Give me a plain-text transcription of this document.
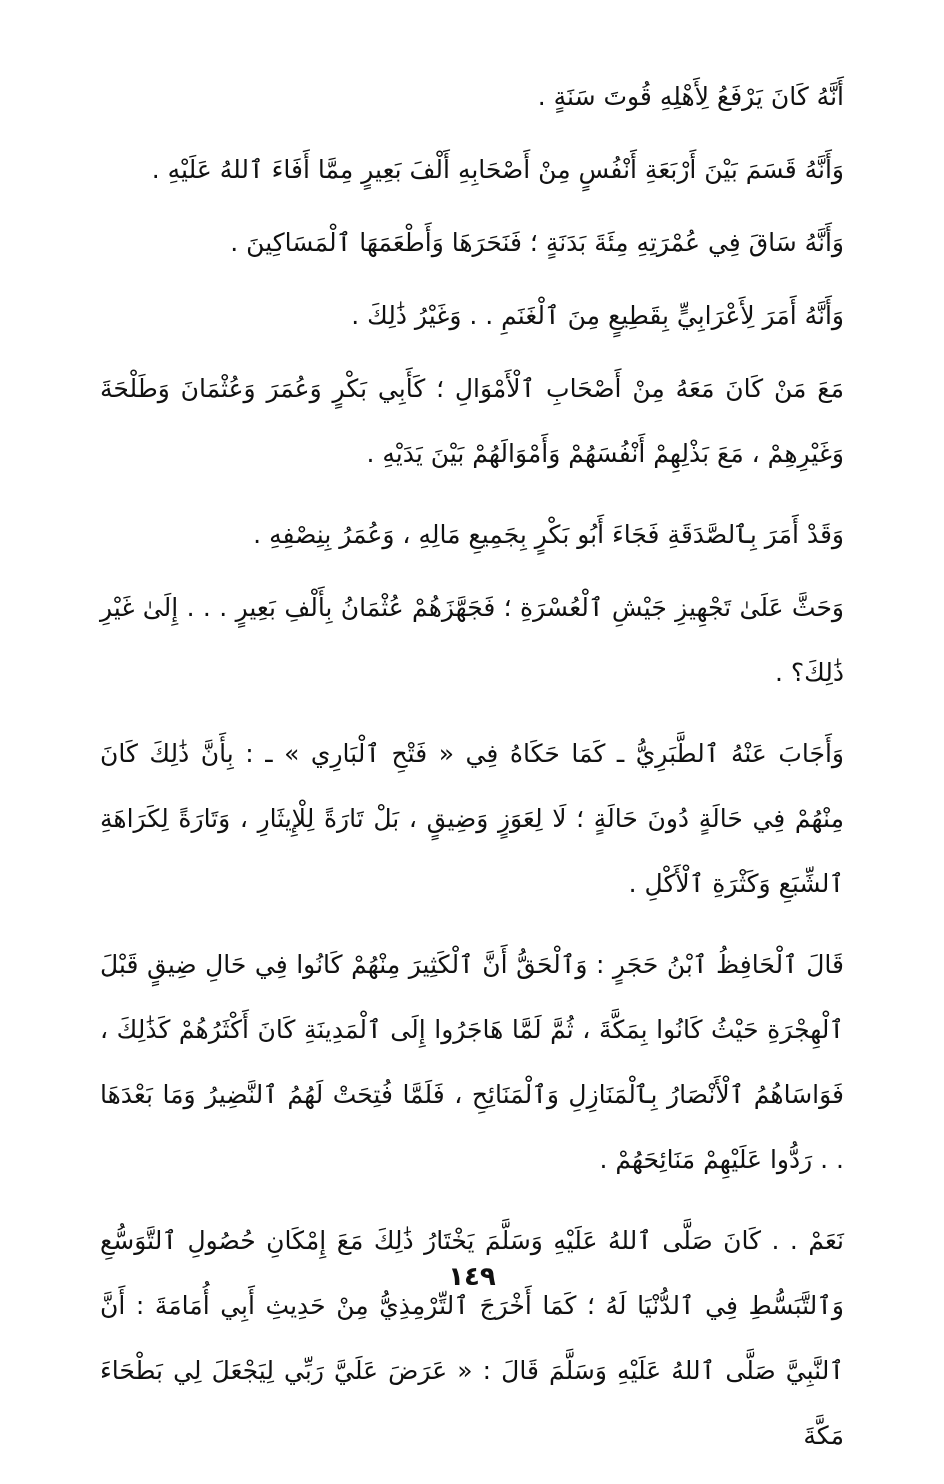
أَنَّهُ كَانَ يَرْفَعُ لِأَهْلِهِ قُوتَ سَنَةٍ .

وَأَنَّهُ قَسَمَ بَيْنَ أَرْبَعَةِ أَنْفُسٍ مِنْ أَصْحَابِهِ أَلْفَ بَعِيرٍ مِمَّا أَفَاءَ ٱللهُ عَلَيْهِ .

وَأَنَّهُ سَاقَ فِي عُمْرَتِهِ مِئَةَ بَدَنَةٍ ؛ فَنَحَرَهَا وَأَطْعَمَهَا ٱلْمَسَاكِينَ .

وَأَنَّهُ أَمَرَ لِأَعْرَابِيٍّ بِقَطِيعٍ مِنَ ٱلْغَنَمِ . . وَغَيْرُ ذَٰلِكَ .

مَعَ مَنْ كَانَ مَعَهُ مِنْ أَصْحَابِ ٱلْأَمْوَالِ ؛ كَأَبِي بَكْرٍ وَعُمَرَ وَعُثْمَانَ وَطَلْحَةَ وَغَيْرِهِمْ ، مَعَ بَذْلِهِمْ أَنْفُسَهُمْ وَأَمْوَالَهُمْ بَيْنَ يَدَيْهِ .

وَقَدْ أَمَرَ بِٱلصَّدَقَةِ فَجَاءَ أَبُو بَكْرٍ بِجَمِيعِ مَالِهِ ، وَعُمَرُ بِنِصْفِهِ .

وَحَثَّ عَلَىٰ تَجْهِيزِ جَيْشِ ٱلْعُسْرَةِ ؛ فَجَهَّزَهُمْ عُثْمَانُ بِأَلْفِ بَعِيرٍ . . . إِلَىٰ غَيْرِ ذَٰلِكَ؟ .

وَأَجَابَ عَنْهُ ٱلطَّبَرِيُّ ـ كَمَا حَكَاهُ فِي « فَتْحِ ٱلْبَارِي » ـ : بِأَنَّ ذَٰلِكَ كَانَ مِنْهُمْ فِي حَالَةٍ دُونَ حَالَةٍ ؛ لَا لِعَوَزٍ وَضِيقٍ ، بَلْ تَارَةً لِلْإِيثَارِ ، وَتَارَةً لِكَرَاهَةِ ٱلشِّبَعِ وَكَثْرَةِ ٱلْأَكْلِ .

قَالَ ٱلْحَافِظُ ٱبْنُ حَجَرٍ : وَٱلْحَقُّ أَنَّ ٱلْكَثِيرَ مِنْهُمْ كَانُوا فِي حَالِ ضِيقٍ قَبْلَ ٱلْهِجْرَةِ حَيْثُ كَانُوا بِمَكَّةَ ، ثُمَّ لَمَّا هَاجَرُوا إِلَى ٱلْمَدِينَةِ كَانَ أَكْثَرُهُمْ كَذَٰلِكَ ، فَوَاسَاهُمُ ٱلْأَنْصَارُ بِٱلْمَنَازِلِ وَٱلْمَنَائِحِ ، فَلَمَّا فُتِحَتْ لَهُمُ ٱلنَّضِيرُ وَمَا بَعْدَهَا . . رَدُّوا عَلَيْهِمْ مَنَائِحَهُمْ .

نَعَمْ . . كَانَ صَلَّى ٱللهُ عَلَيْهِ وَسَلَّمَ يَخْتَارُ ذَٰلِكَ مَعَ إِمْكَانِ حُصُولِ ٱلتَّوَسُّعِ وَٱلتَّبَسُّطِ فِي ٱلدُّنْيَا لَهُ ؛ كَمَا أَخْرَجَ ٱلتِّرْمِذِيُّ مِنْ حَدِيثِ أَبِي أُمَامَةَ : أَنَّ ٱلنَّبِيَّ صَلَّى ٱللهُ عَلَيْهِ وَسَلَّمَ قَالَ : « عَرَضَ عَلَيَّ رَبِّي لِيَجْعَلَ لِي بَطْحَاءَ مَكَّةَ

١٤٩
